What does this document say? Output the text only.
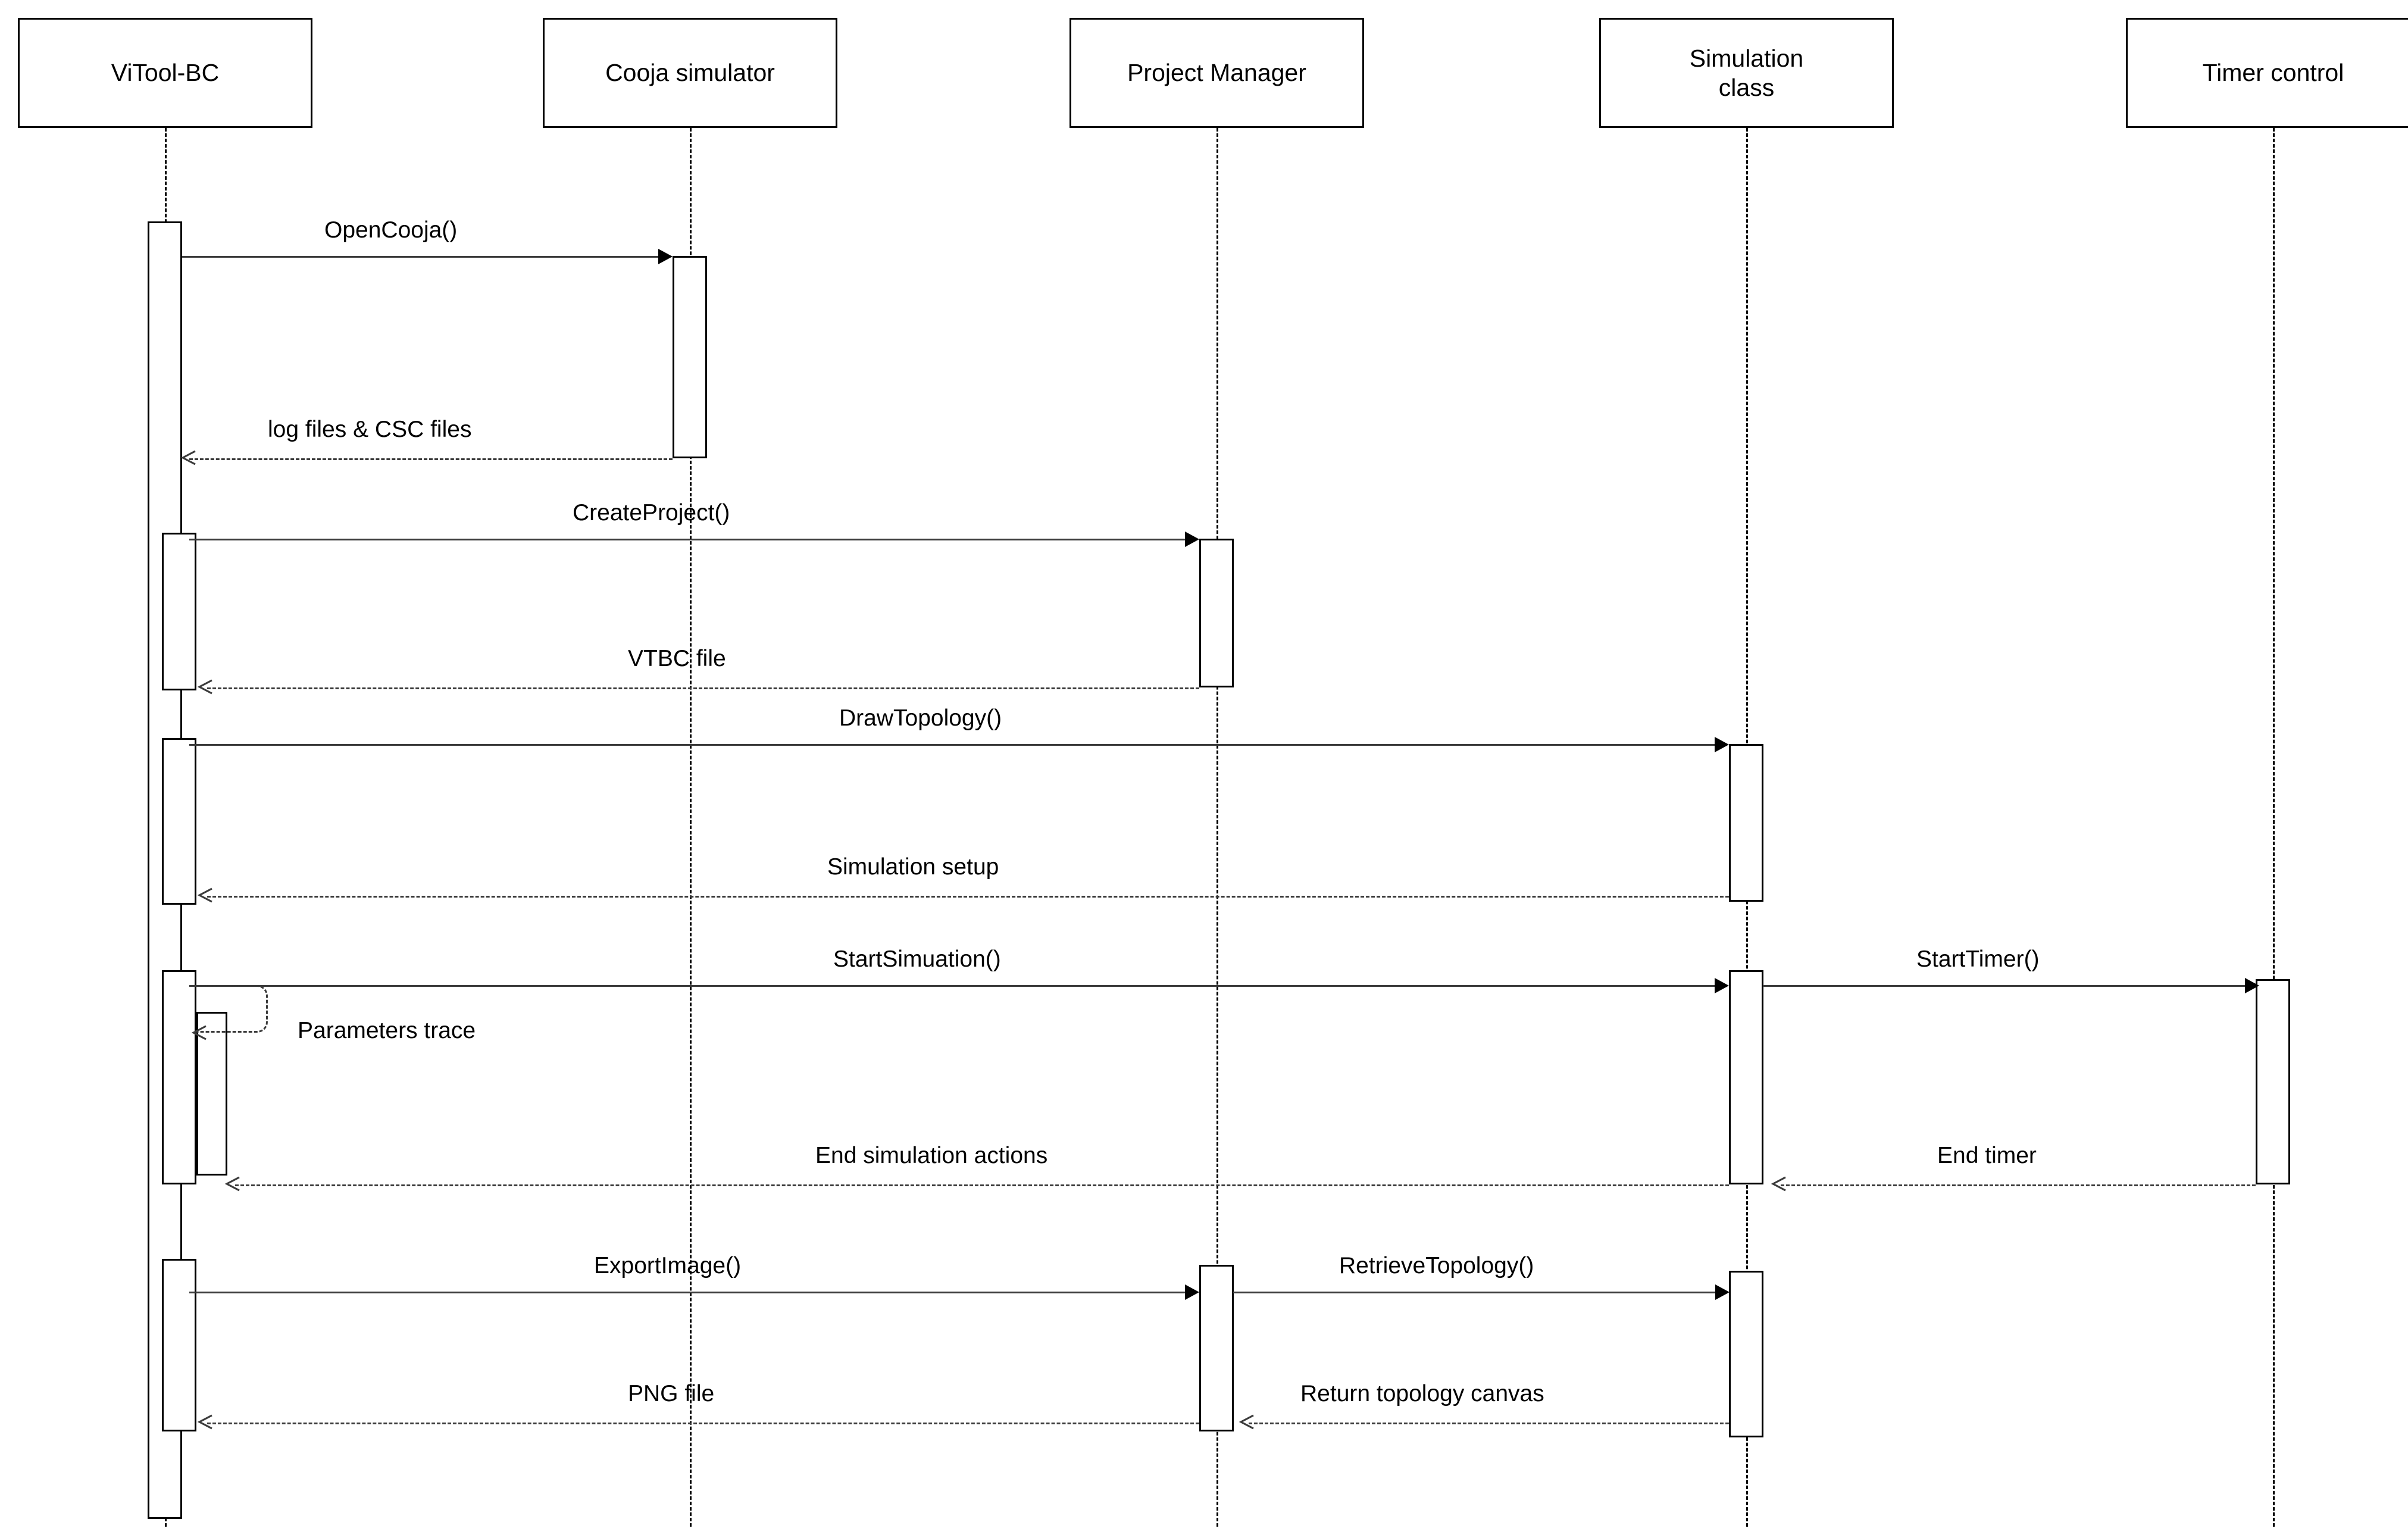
ViTool-BC	Cooja simulator	Project Manager
Simulation
class
Timer control
OpenCooja()
log files & CSC files
CreateProject()
VTBC file
DrawTopology()
Simulation setup
StartSimuation()	StartTimer()
Parameters trace
End simulation actions	End timer
ExportImage()	RetrieveTopology()
PNG file	Return topology canvas
